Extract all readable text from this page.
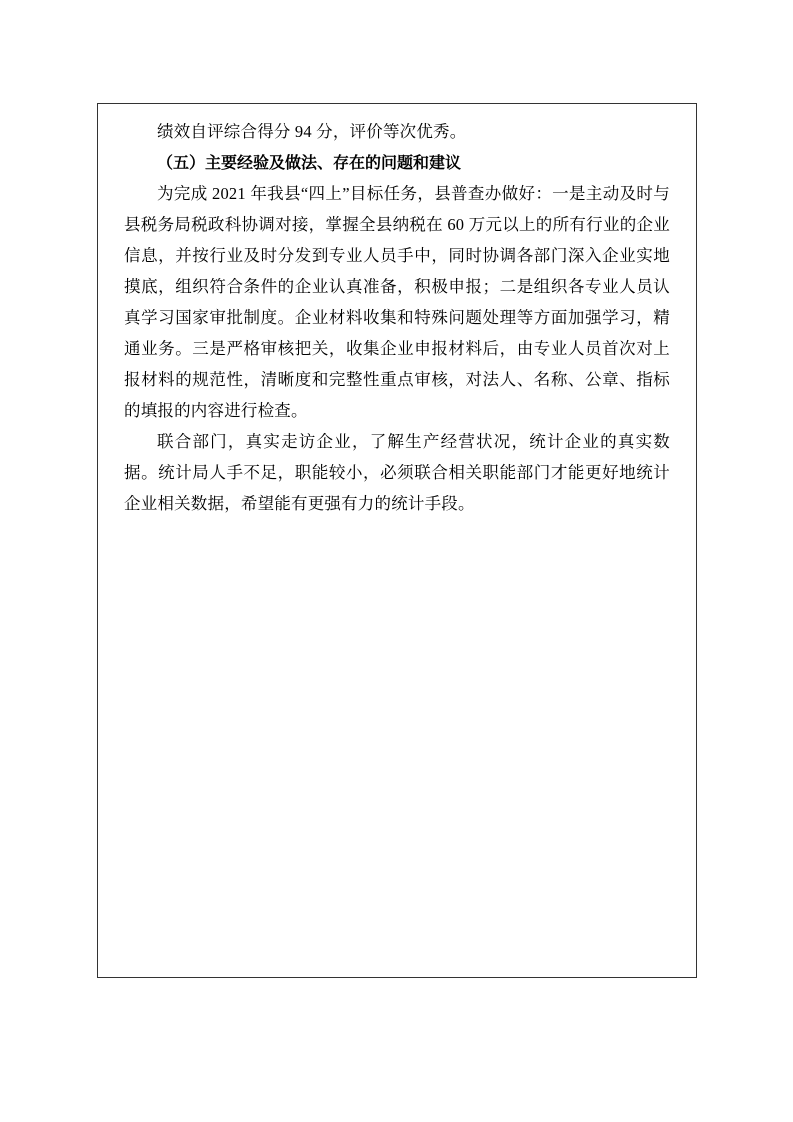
绩效自评综合得分 94 分，评价等次优秀。

（五）主要经验及做法、存在的问题和建议

为完成 2021 年我县“四上”目标任务，县普查办做好：一是主动及时与县税务局税政科协调对接，掌握全县纳税在 60 万元以上的所有行业的企业信息，并按行业及时分发到专业人员手中，同时协调各部门深入企业实地摸底，组织符合条件的企业认真准备，积极申报；二是组织各专业人员认真学习国家审批制度。企业材料收集和特殊问题处理等方面加强学习，精通业务。三是严格审核把关，收集企业申报材料后，由专业人员首次对上报材料的规范性，清晰度和完整性重点审核，对法人、名称、公章、指标的填报的内容进行检查。

联合部门，真实走访企业，了解生产经营状况，统计企业的真实数据。统计局人手不足，职能较小，必须联合相关职能部门才能更好地统计企业相关数据，希望能有更强有力的统计手段。
